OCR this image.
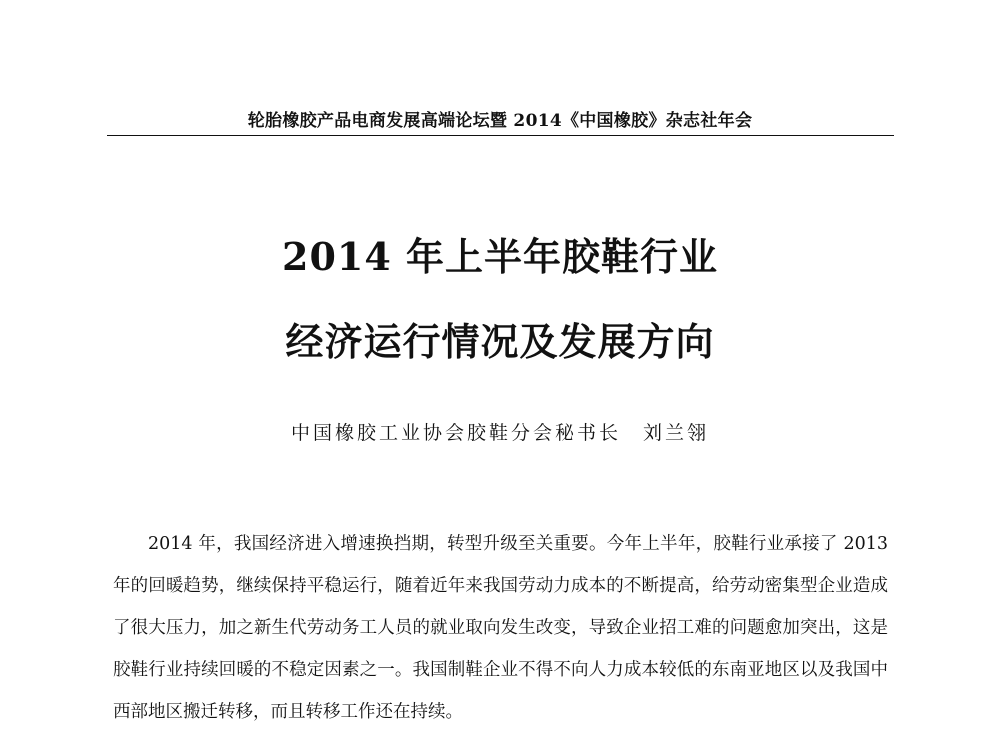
轮胎橡胶产品电商发展高端论坛暨 2014《中国橡胶》杂志社年会
2014 年上半年胶鞋行业
经济运行情况及发展方向
中国橡胶工业协会胶鞋分会秘书长 刘兰翎

2014 年，我国经济进入增速换挡期，转型升级至关重要。今年上半年，胶鞋行业承接了 2013 年的回暖趋势，继续保持平稳运行，随着近年来我国劳动力成本的不断提高，给劳动密集型企业造成了很大压力，加之新生代劳动务工人员的就业取向发生改变，导致企业招工难的问题愈加突出，这是胶鞋行业持续回暖的不稳定因素之一。我国制鞋企业不得不向人力成本较低的东南亚地区以及我国中西部地区搬迁转移，而且转移工作还在持续。
